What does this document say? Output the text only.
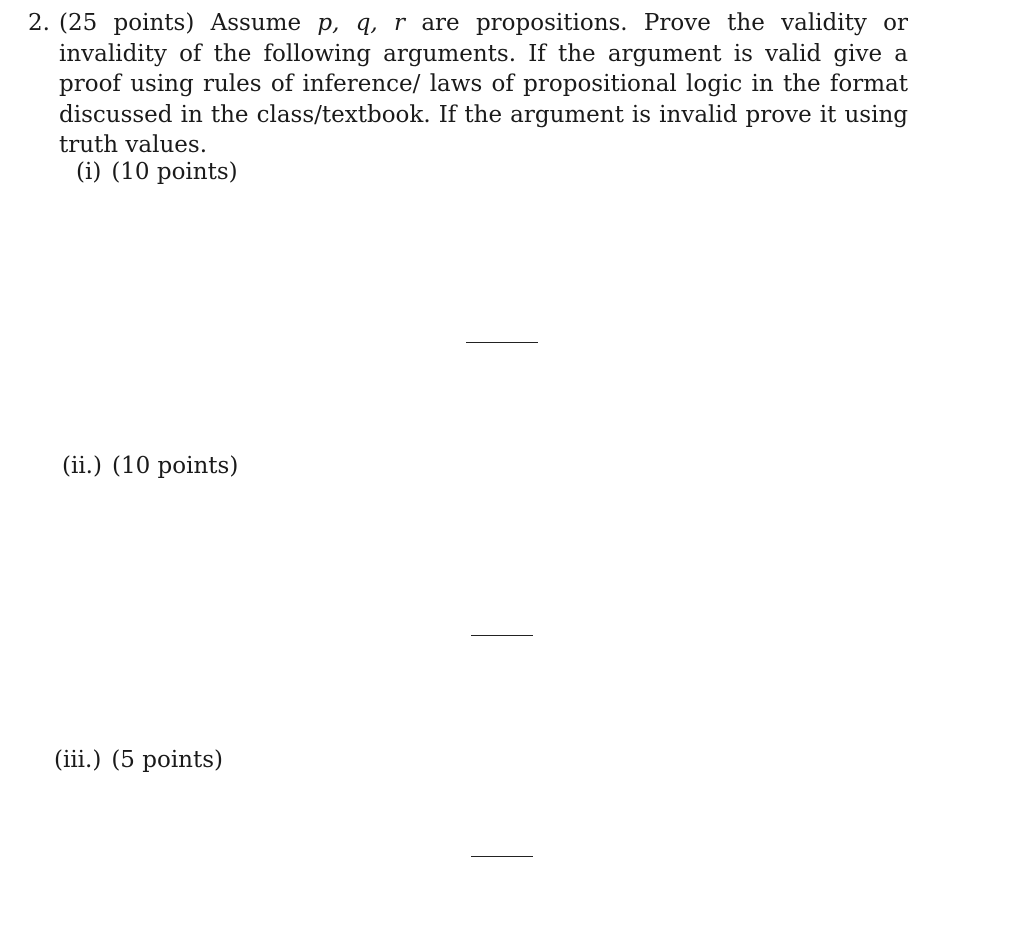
2. (25 points) Assume p, q, r are propositions. Prove the validity or invalidity of the following arguments. If the argument is valid give a proof using rules of inference/ laws of propositional logic in the format discussed in the class/textbook. If the argument is invalid prove it using truth values.
(i) (10 points)
(ii.) (10 points)
(iii.) (5 points)
